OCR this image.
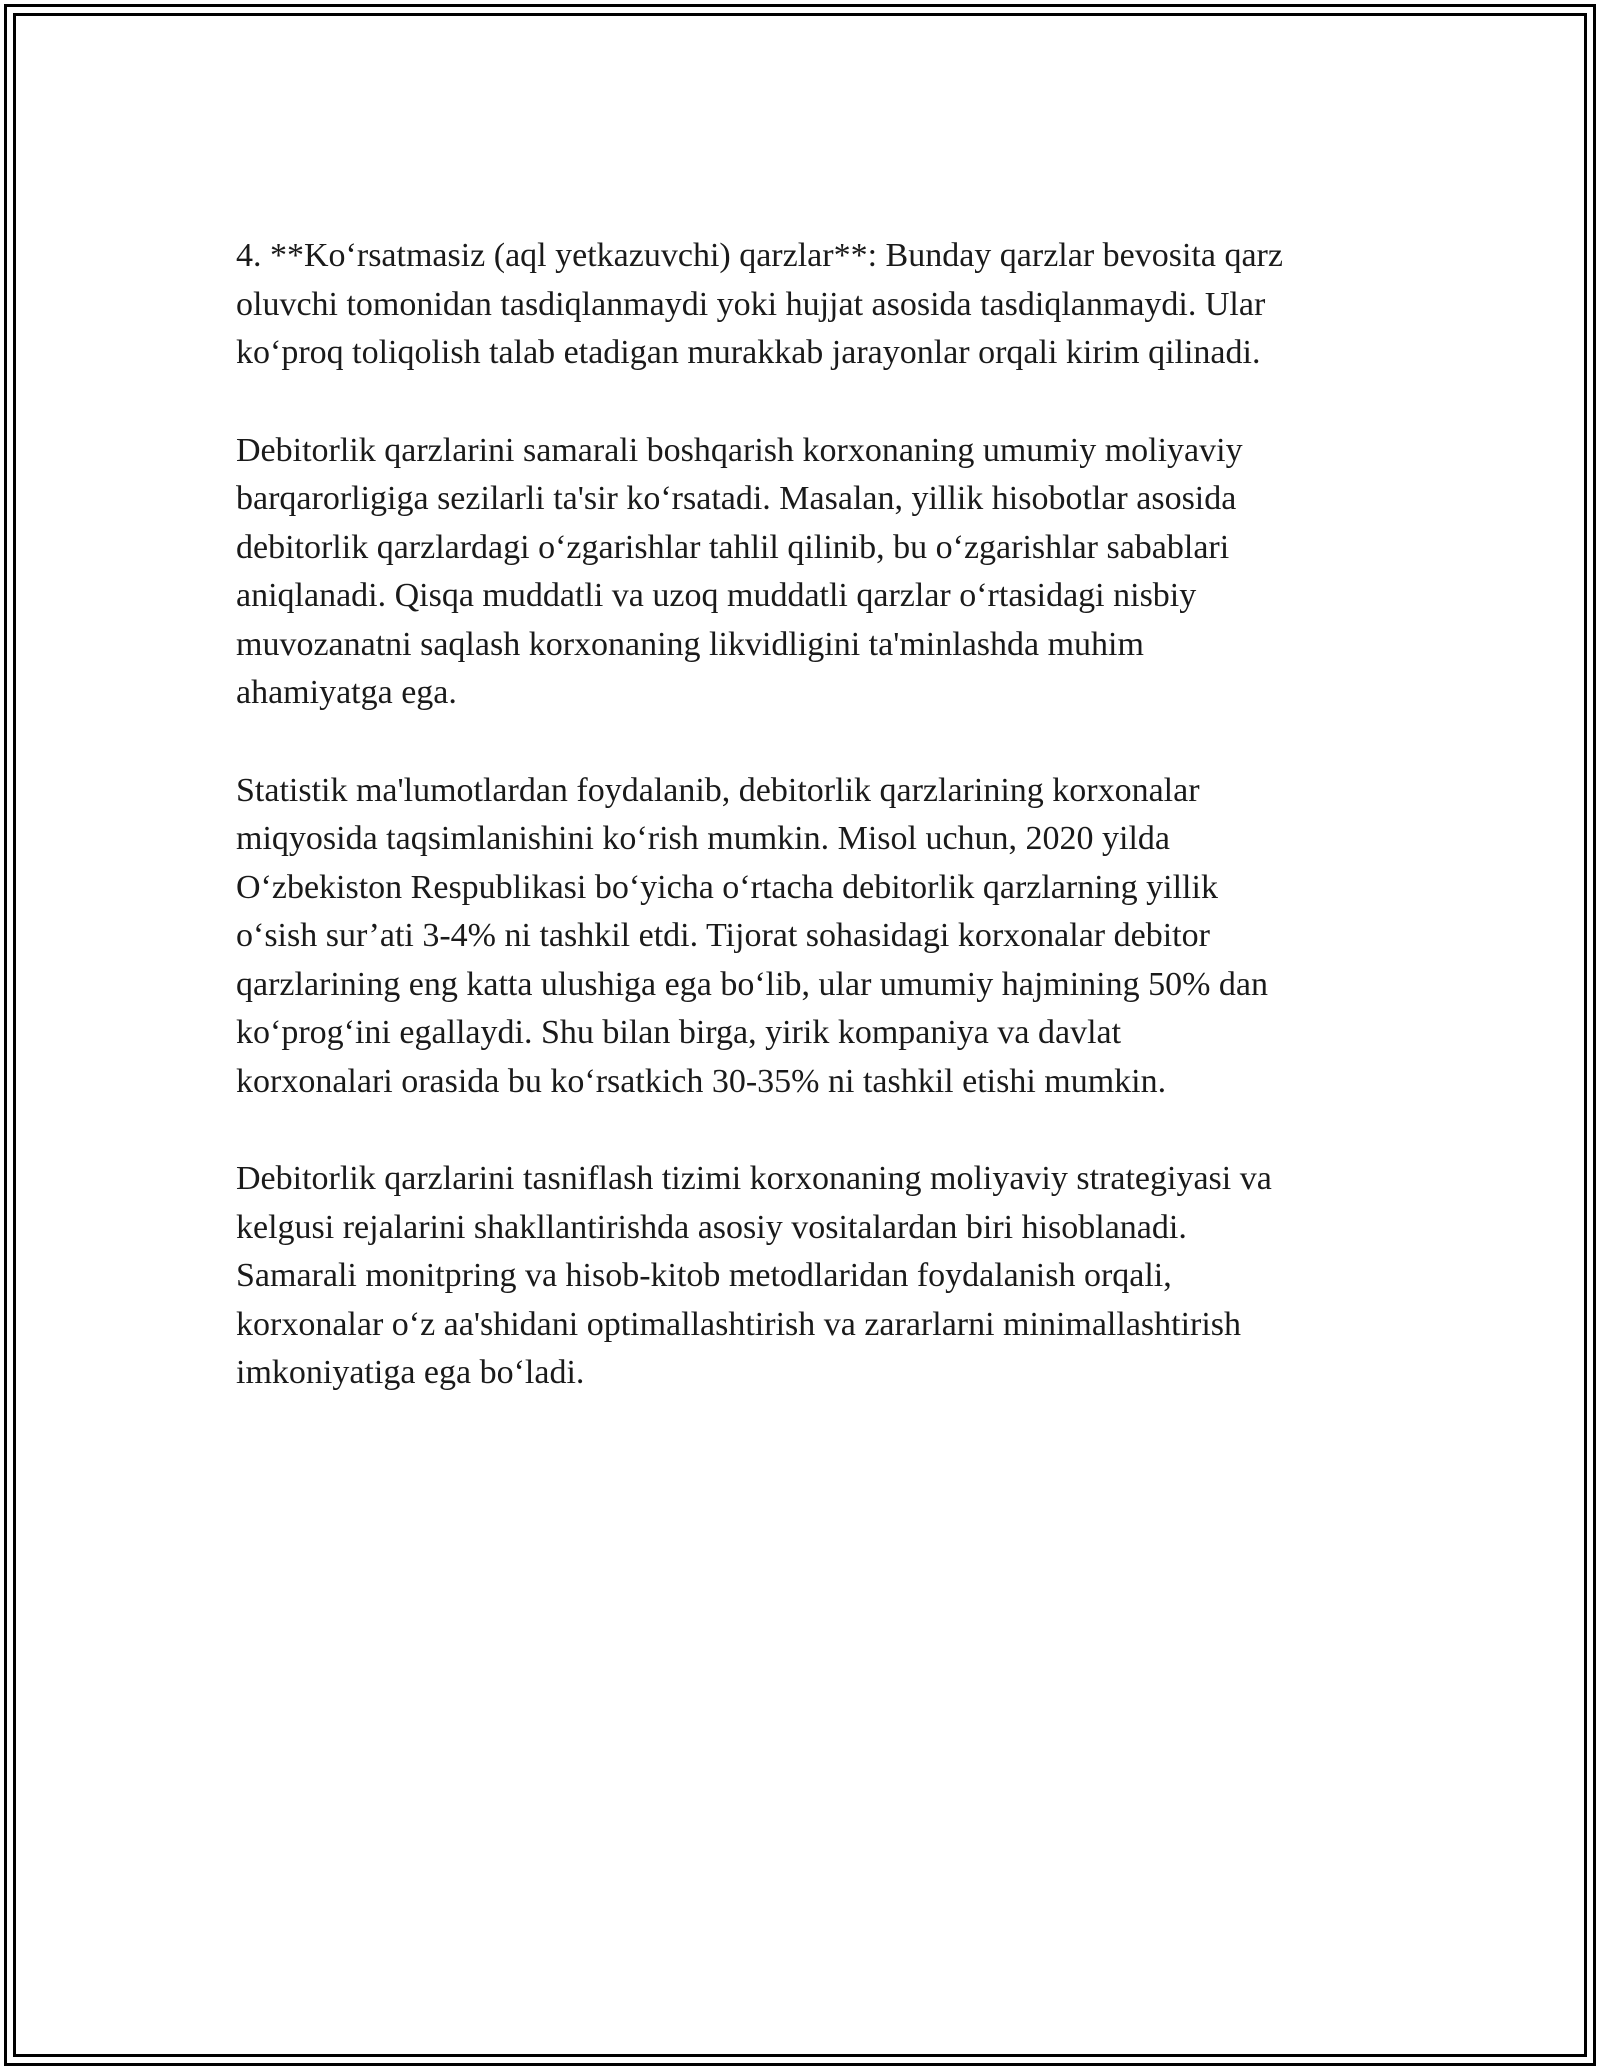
4. **Ko‘rsatmasiz (aql yetkazuvchi) qarzlar**: Bunday qarzlar bevosita qarz
oluvchi tomonidan tasdiqlanmaydi yoki hujjat asosida tasdiqlanmaydi. Ular
ko‘proq toliqolish talab etadigan murakkab jarayonlar orqali kirim qilinadi.

Debitorlik qarzlarini samarali boshqarish korxonaning umumiy moliyaviy
barqarorligiga sezilarli ta'sir ko‘rsatadi. Masalan, yillik hisobotlar asosida
debitorlik qarzlardagi o‘zgarishlar tahlil qilinib, bu o‘zgarishlar sabablari
aniqlanadi. Qisqa muddatli va uzoq muddatli qarzlar o‘rtasidagi nisbiy
muvozanatni saqlash korxonaning likvidligini ta'minlashda muhim
ahamiyatga ega.

Statistik ma'lumotlardan foydalanib, debitorlik qarzlarining korxonalar
miqyosida taqsimlanishini ko‘rish mumkin. Misol uchun, 2020 yilda
O‘zbekiston Respublikasi bo‘yicha o‘rtacha debitorlik qarzlarning yillik
o‘sish sur’ati 3-4% ni tashkil etdi. Tijorat sohasidagi korxonalar debitor
qarzlarining eng katta ulushiga ega bo‘lib, ular umumiy hajmining 50% dan
ko‘prog‘ini egallaydi. Shu bilan birga, yirik kompaniya va davlat
korxonalari orasida bu ko‘rsatkich 30-35% ni tashkil etishi mumkin.

Debitorlik qarzlarini tasniflash tizimi korxonaning moliyaviy strategiyasi va
kelgusi rejalarini shakllantirishda asosiy vositalardan biri hisoblanadi.
Samarali monitpring va hisob-kitob metodlaridan foydalanish orqali,
korxonalar o‘z aa'shidani optimallashtirish va zararlarni minimallashtirish
imkoniyatiga ega bo‘ladi.
